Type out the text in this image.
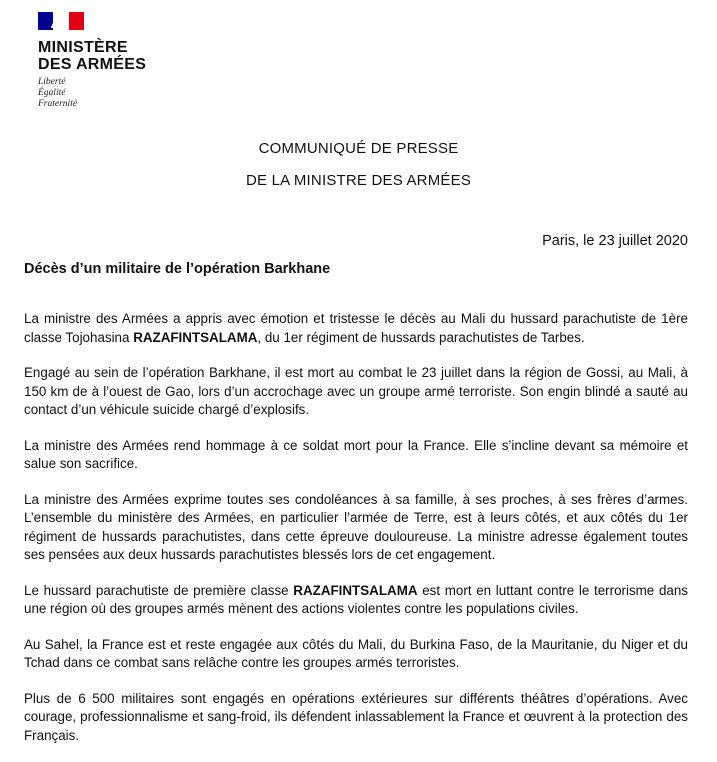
MINISTÈRE
DES ARMÉES
Liberté
Égalité
Fraternité
COMMUNIQUÉ DE PRESSE
DE LA MINISTRE DES ARMÉES
Paris, le 23 juillet 2020
Décès d’un militaire de l’opération Barkhane

La ministre des Armées a appris avec émotion et tristesse le décès au Mali du hussard parachutiste de 1ère classe Tojohasina RAZAFINTSALAMA, du 1er régiment de hussards parachutistes de Tarbes.

Engagé au sein de l’opération Barkhane, il est mort au combat le 23 juillet dans la région de Gossi, au Mali, à 150 km de à l’ouest de Gao, lors d’un accrochage avec un groupe armé terroriste. Son engin blindé a sauté au contact d’un véhicule suicide chargé d’explosifs.

La ministre des Armées rend hommage à ce soldat mort pour la France. Elle s’incline devant sa mémoire et salue son sacrifice.

La ministre des Armées exprime toutes ses condoléances à sa famille, à ses proches, à ses frères d’armes. L’ensemble du ministère des Armées, en particulier l’armée de Terre, est à leurs côtés, et aux côtés du 1er régiment de hussards parachutistes, dans cette épreuve douloureuse. La ministre adresse également toutes ses pensées aux deux hussards parachutistes blessés lors de cet engagement.

Le hussard parachutiste de première classe RAZAFINTSALAMA est mort en luttant contre le terrorisme dans une région où des groupes armés mènent des actions violentes contre les populations civiles.

Au Sahel, la France est et reste engagée aux côtés du Mali, du Burkina Faso, de la Mauritanie, du Niger et du Tchad dans ce combat sans relâche contre les groupes armés terroristes.

Plus de 6 500 militaires sont engagés en opérations extérieures sur différents théâtres d’opérations. Avec courage, professionnalisme et sang-froid, ils défendent inlassablement la France et œuvrent à la protection des Français.
